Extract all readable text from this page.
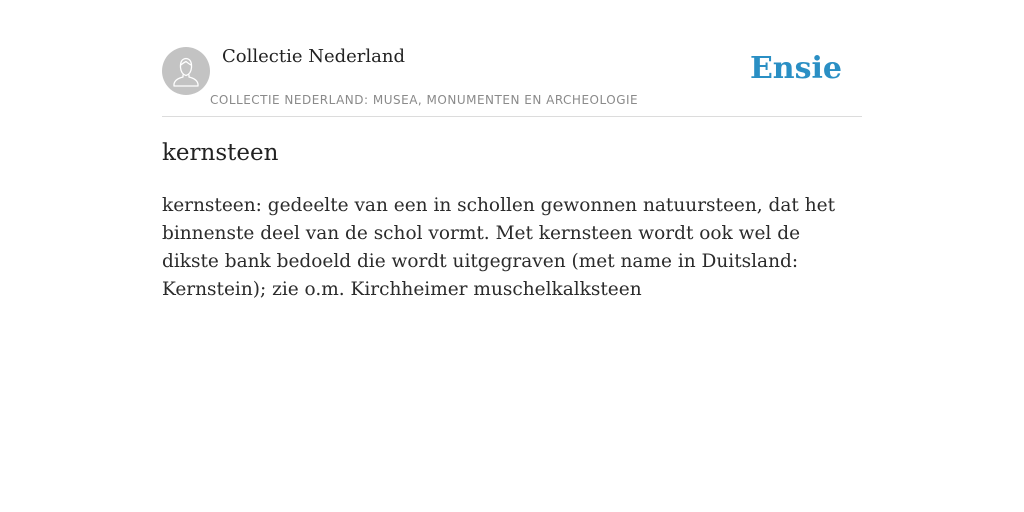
Collectie Nederland
COLLECTIE NEDERLAND: MUSEA, MONUMENTEN EN ARCHEOLOGIE
Ensie
kernsteen

kernsteen: gedeelte van een in schollen gewonnen natuursteen, dat het binnenste deel van de schol vormt. Met kernsteen wordt ook wel de dikste bank bedoeld die wordt uitgegraven (met name in Duitsland: Kernstein); zie o.m. Kirchheimer muschelkalksteen
